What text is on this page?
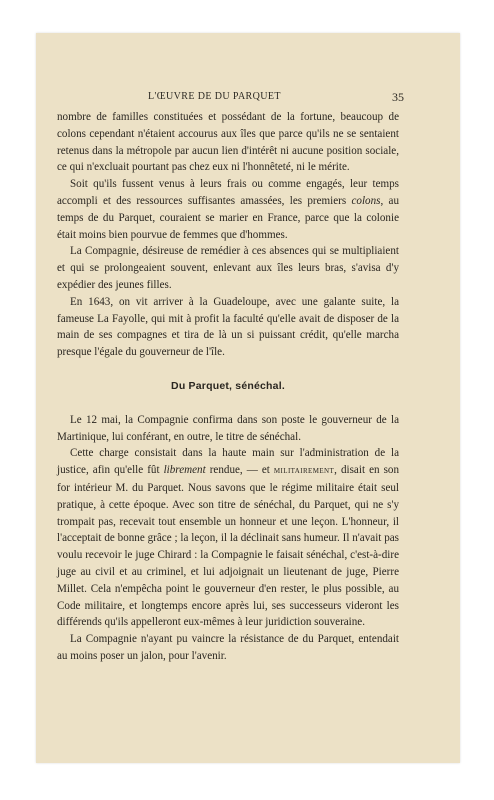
L'ŒUVRE DE DU PARQUET	35

nombre de familles constituées et possédant de la fortune, beaucoup de colons cependant n'étaient accourus aux îles que parce qu'ils ne se sentaient retenus dans la métropole par aucun lien d'intérêt ni aucune position sociale, ce qui n'excluait pourtant pas chez eux ni l'honnêteté, ni le mérite.

Soit qu'ils fussent venus à leurs frais ou comme engagés, leur temps accompli et des ressources suffisantes amassées, les premiers colons, au temps de du Parquet, couraient se marier en France, parce que la colonie était moins bien pourvue de femmes que d'hommes.

La Compagnie, désireuse de remédier à ces absences qui se multipliaient et qui se prolongeaient souvent, enlevant aux îles leurs bras, s'avisa d'y expédier des jeunes filles.

En 1643, on vit arriver à la Guadeloupe, avec une galante suite, la fameuse La Fayolle, qui mit à profit la faculté qu'elle avait de disposer de la main de ses compagnes et tira de là un si puissant crédit, qu'elle marcha presque l'égale du gouverneur de l'île.

Du Parquet, sénéchal.

Le 12 mai, la Compagnie confirma dans son poste le gouverneur de la Martinique, lui conférant, en outre, le titre de sénéchal.

Cette charge consistait dans la haute main sur l'administration de la justice, afin qu'elle fût librement rendue, — et militairement, disait en son for intérieur M. du Parquet. Nous savons que le régime militaire était seul pratique, à cette époque. Avec son titre de sénéchal, du Parquet, qui ne s'y trompait pas, recevait tout ensemble un honneur et une leçon. L'honneur, il l'acceptait de bonne grâce ; la leçon, il la déclinait sans humeur. Il n'avait pas voulu recevoir le juge Chirard : la Compagnie le faisait sénéchal, c'est-à-dire juge au civil et au criminel, et lui adjoignait un lieutenant de juge, Pierre Millet. Cela n'empêcha point le gouverneur d'en rester, le plus possible, au Code militaire, et longtemps encore après lui, ses successeurs videront les différends qu'ils appelleront eux-mêmes à leur juridiction souveraine.

La Compagnie n'ayant pu vaincre la résistance de du Parquet, entendait au moins poser un jalon, pour l'avenir.
